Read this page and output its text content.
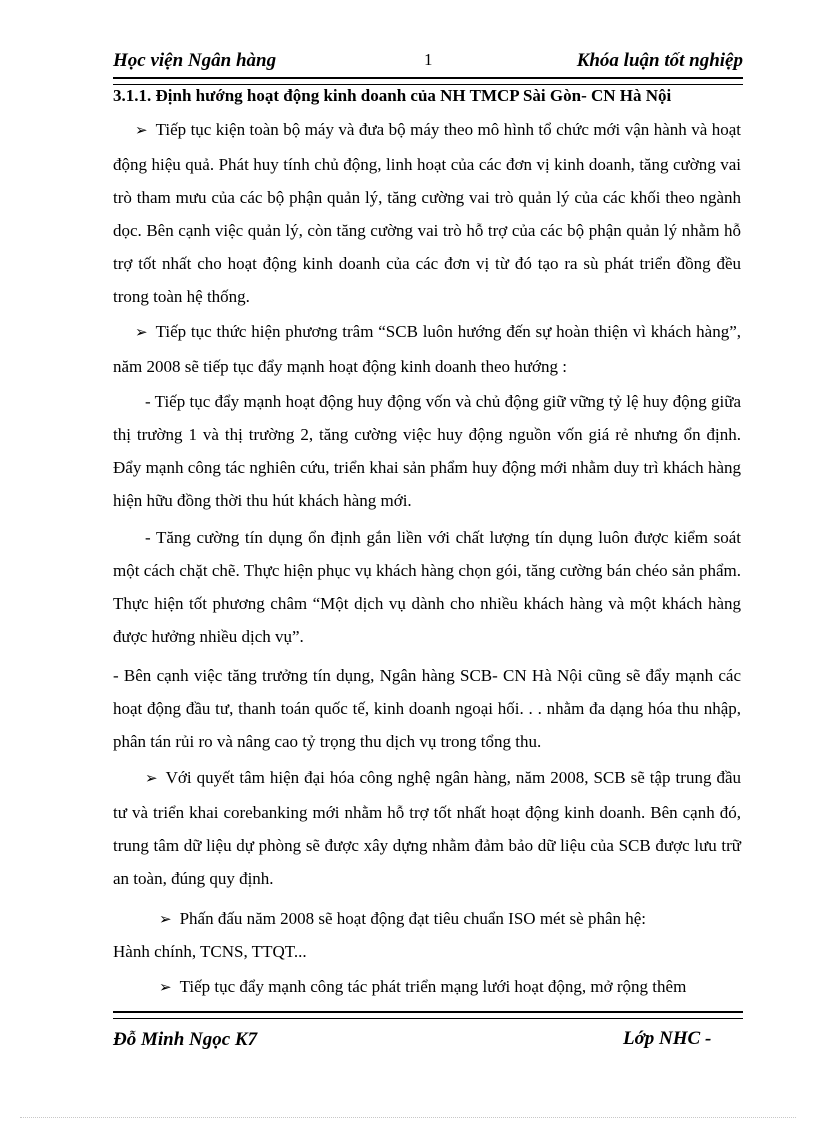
Học viện Ngân hàng	1	Khóa luận tốt nghiệp
3.1.1. Định hướng hoạt động kinh doanh của NH TMCP Sài Gòn- CN Hà Nội

➢ Tiếp tục kiện toàn bộ máy và đưa bộ máy theo mô hình tổ chức mới vận hành và hoạt động hiệu quả. Phát huy tính chủ động, linh hoạt của các đơn vị kinh doanh, tăng cường vai trò tham mưu của các bộ phận quản lý, tăng cường vai trò quản lý của các khối theo ngành dọc. Bên cạnh việc quản lý, còn tăng cường vai trò hỗ trợ của các bộ phận quản lý nhằm hỗ trợ tốt nhất cho hoạt động kinh doanh của các đơn vị từ đó tạo ra sù phát triển đồng đều trong toàn hệ thống.

➢ Tiếp tục thức hiện phương trâm “SCB luôn hướng đến sự hoàn thiện vì khách hàng”, năm 2008 sẽ tiếp tục đẩy mạnh hoạt động kinh doanh theo hướng :

- Tiếp tục đẩy mạnh hoạt động huy động vốn và chủ động giữ vững tỷ lệ huy động giữa thị trường 1 và thị trường 2, tăng cường việc huy động nguồn vốn giá rẻ nhưng ổn định. Đẩy mạnh công tác nghiên cứu, triển khai sản phẩm huy động mới nhằm duy trì khách hàng hiện hữu đồng thời thu hút khách hàng mới.

- Tăng cường tín dụng ổn định gắn liền với chất lượng tín dụng luôn được kiểm soát một cách chặt chẽ. Thực hiện phục vụ khách hàng chọn gói, tăng cường bán chéo sản phẩm. Thực hiện tốt phương châm “Một dịch vụ dành cho nhiều khách hàng và một khách hàng được hưởng nhiều dịch vụ”.

- Bên cạnh việc tăng trưởng tín dụng, Ngân hàng SCB- CN Hà Nội cũng sẽ đẩy mạnh các hoạt động đầu tư, thanh toán quốc tế, kinh doanh ngoại hối. . . nhằm đa dạng hóa thu nhập, phân tán rủi ro và nâng cao tỷ trọng thu dịch vụ trong tổng thu.

➢ Với quyết tâm hiện đại hóa công nghệ ngân hàng, năm 2008, SCB sẽ tập trung đầu tư và triển khai corebanking mới nhằm hỗ trợ tốt nhất hoạt động kinh doanh. Bên cạnh đó, trung tâm dữ liệu dự phòng sẽ được xây dựng nhằm đảm bảo dữ liệu của SCB được lưu trữ an toàn, đúng quy định.

➢ Phấn đấu năm 2008 sẽ hoạt động đạt tiêu chuẩn ISO mét sè phân hệ:

Hành chính, TCNS, TTQT...

➢ Tiếp tục đẩy mạnh công tác phát triển mạng lưới hoạt động, mở rộng thêm

Đỗ Minh Ngọc K7	Lớp NHC -
